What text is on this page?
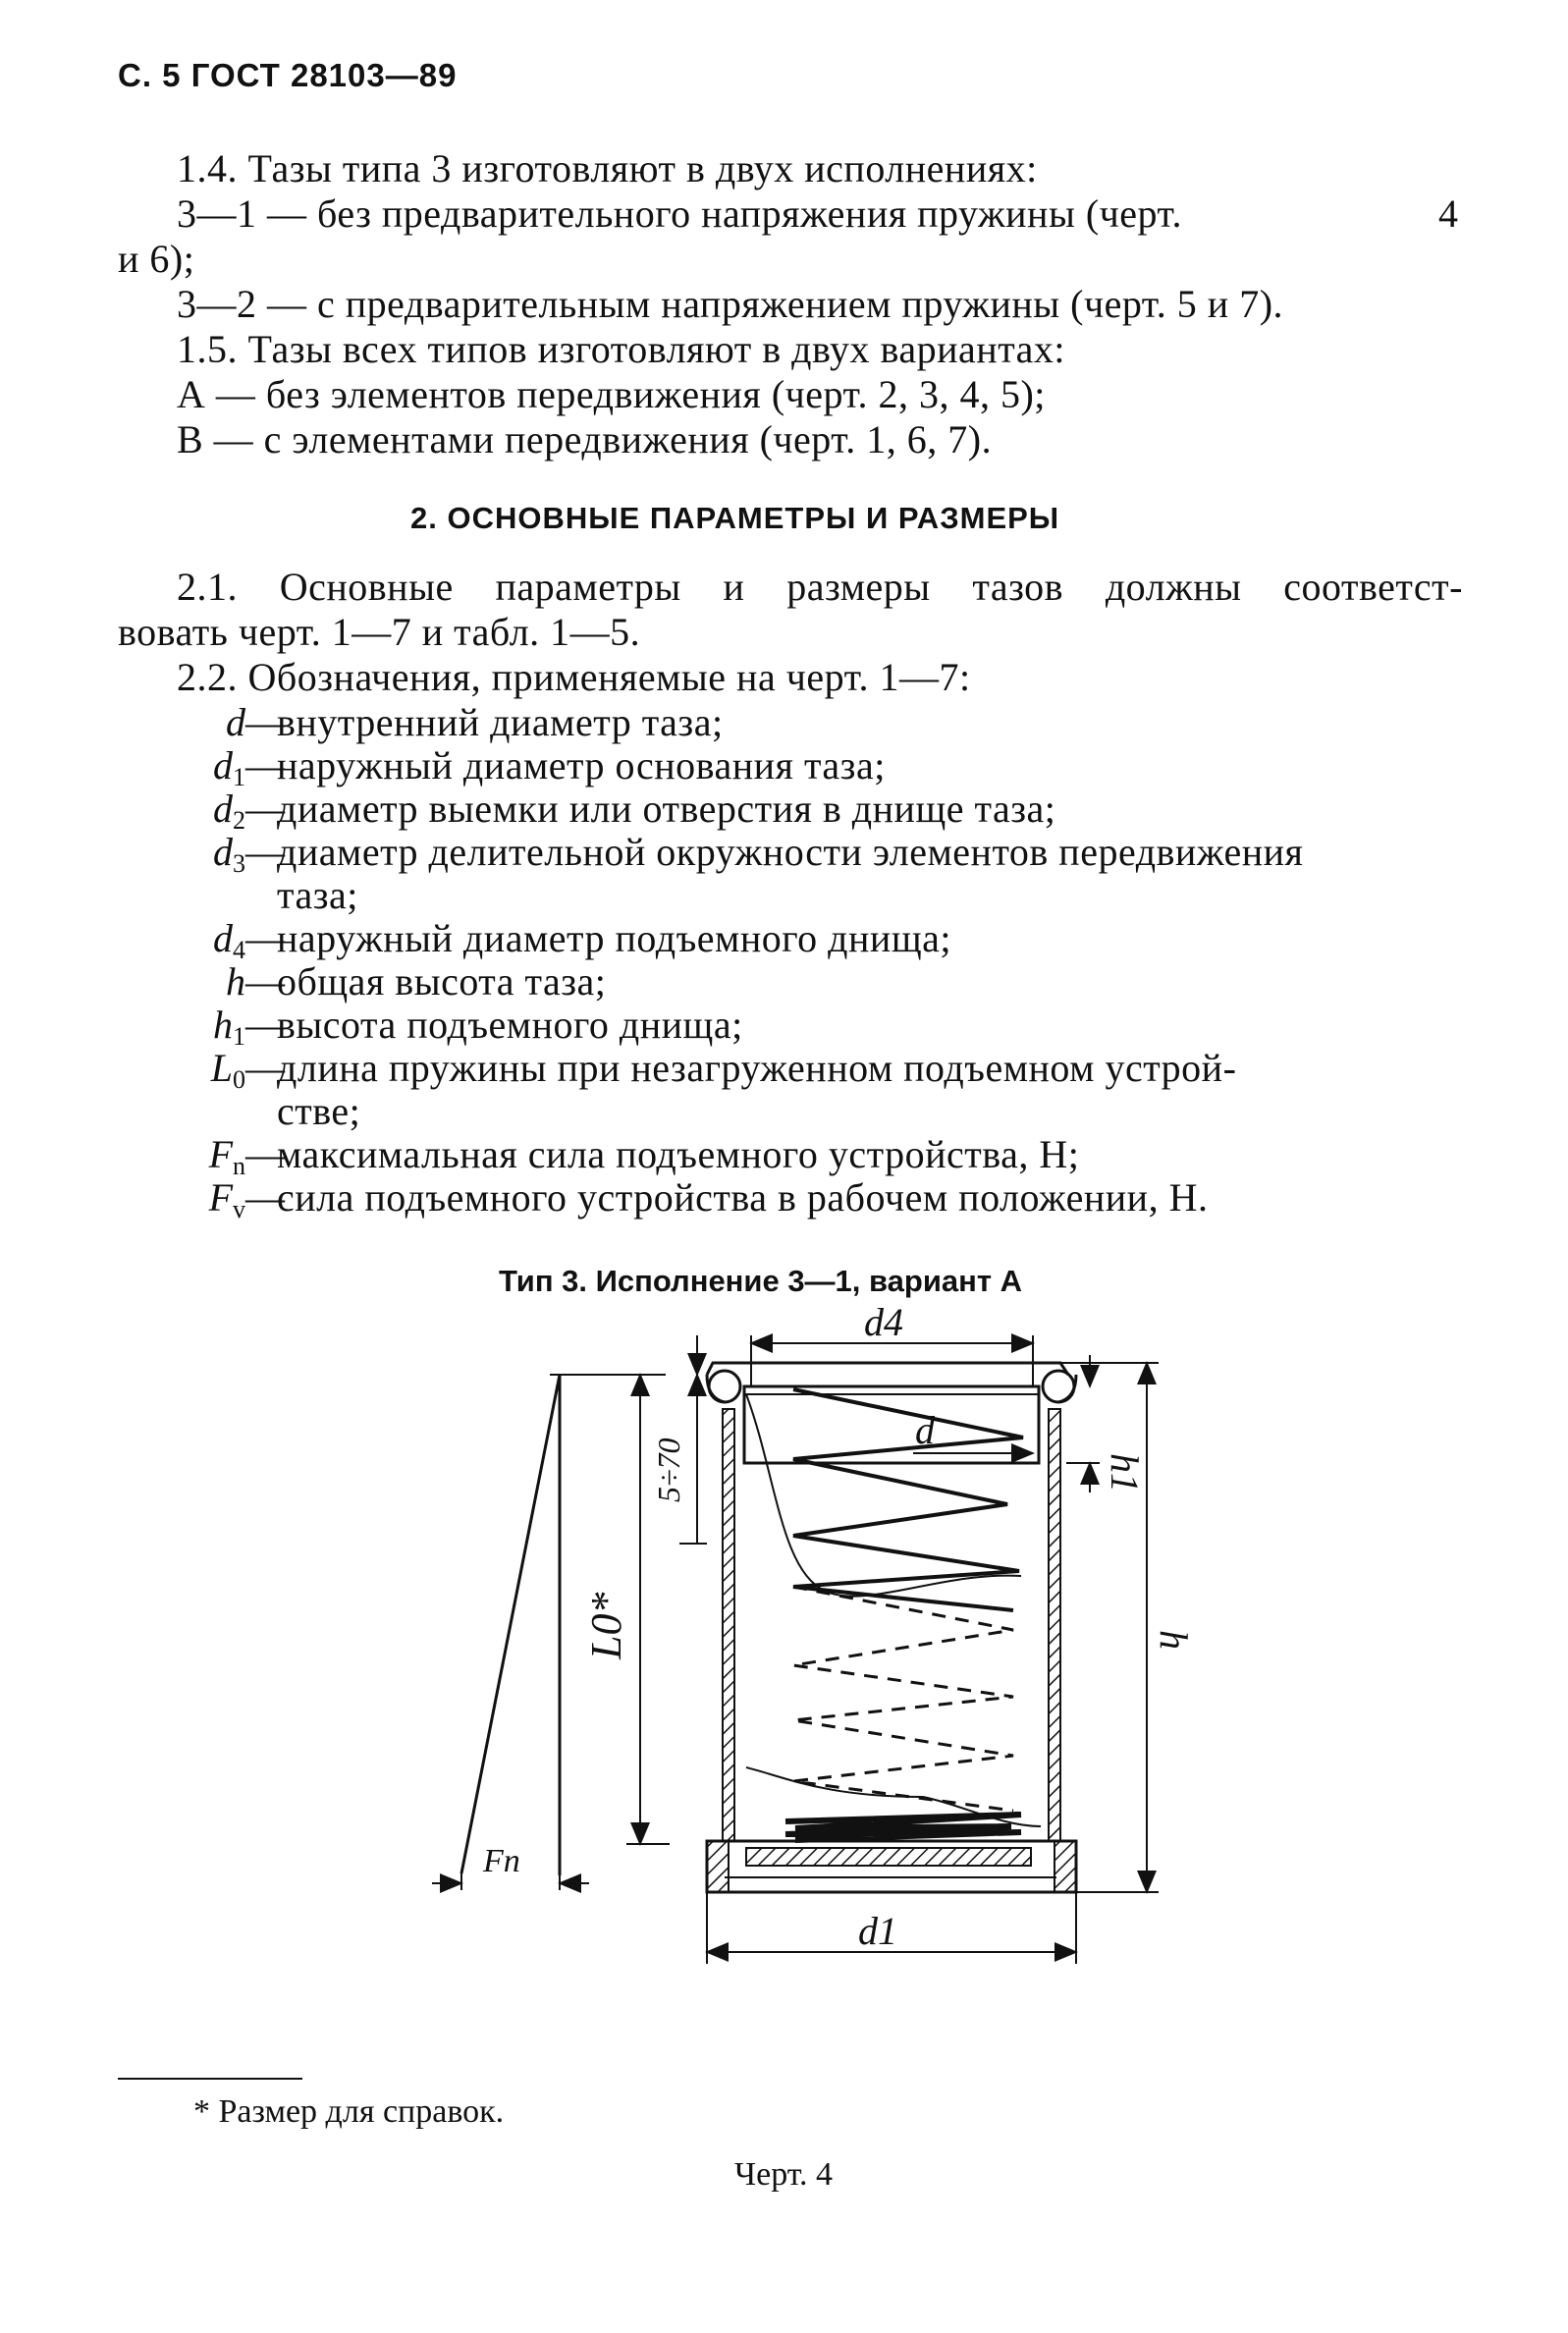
С. 5 ГОСТ 28103—89
1.4. Тазы типа 3 изготовляют в двух исполнениях:
3—1 — без предварительного напряжения пружины (черт.	4
и 6);
3—2 — с предварительным напряжением пружины (черт. 5 и 7).
1.5. Тазы всех типов изготовляют в двух вариантах:
А — без элементов передвижения (черт. 2, 3, 4, 5);
В — с элементами передвижения (черт. 1, 6, 7).
2. ОСНОВНЫЕ ПАРАМЕТРЫ И РАЗМЕРЫ
2.1. Основные параметры и размеры тазов должны соответст-
вовать черт. 1—7 и табл. 1—5.
2.2. Обозначения, применяемые на черт. 1—7:
d —
внутренний диаметр таза;
$d_1$ —
наружный диаметр основания таза;
$d_2$ —
диаметр выемки или отверстия в днище таза;
$d_3$ —
диаметр делительной окружности элементов передвижения
таза;
$d_4$ —
наружный диаметр подъемного днища;
h —
общая высота таза;
$h_1$ —
высота подъемного днища;
$L_0$ —
длина пружины при незагруженном подъемном устрой-
стве;
$F_n$ —
максимальная сила подъемного устройства, Н;
$F_v$ —
сила подъемного устройства в рабочем положении, Н.
Тип 3. Исполнение 3—1, вариант А
d4
d
d1
Fп
h1
h
L0*
5÷70
* Размер для справок.
Черт. 4
